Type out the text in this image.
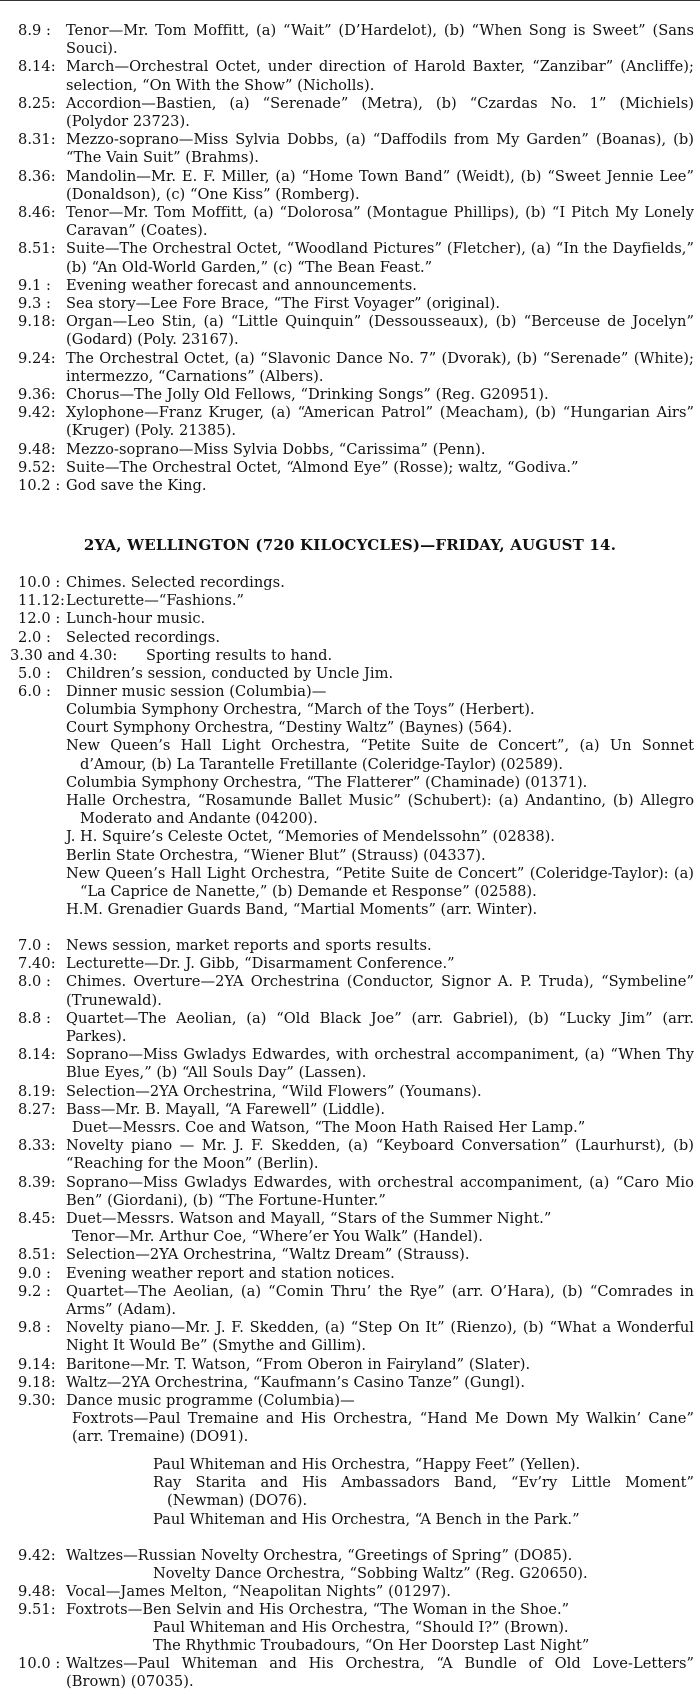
8.9 : Tenor—Mr. Tom Moffitt, (a) “Wait” (D’Hardelot), (b) “When Song is Sweet” (Sans Souci).

8.14: March—Orchestral Octet, under direction of Harold Baxter, “Zanzibar” (Ancliffe); selection, “On With the Show” (Nicholls).

8.25: Accordion—Bastien, (a) “Serenade” (Metra), (b) “Czardas No. 1” (Michiels) (Polydor 23723).

8.31: Mezzo-soprano—Miss Sylvia Dobbs, (a) “Daffodils from My Garden” (Boanas), (b) “The Vain Suit” (Brahms).

8.36: Mandolin—Mr. E. F. Miller, (a) “Home Town Band” (Weidt), (b) “Sweet Jennie Lee” (Donaldson), (c) “One Kiss” (Romberg).

8.46: Tenor—Mr. Tom Moffitt, (a) “Dolorosa” (Montague Phillips), (b) “I Pitch My Lonely Caravan” (Coates).

8.51: Suite—The Orchestral Octet, “Woodland Pictures” (Fletcher), (a) “In the Dayfields,” (b) “An Old-World Garden,” (c) “The Bean Feast.”

9.1 : Evening weather forecast and announcements.

9.3 : Sea story—Lee Fore Brace, “The First Voyager” (original).

9.18: Organ—Leo Stin, (a) “Little Quinquin” (Dessousseaux), (b) “Berceuse de Jocelyn” (Godard) (Poly. 23167).

9.24: The Orchestral Octet, (a) “Slavonic Dance No. 7” (Dvorak), (b) “Serenade” (White); intermezzo, “Carnations” (Albers).

9.36: Chorus—The Jolly Old Fellows, “Drinking Songs” (Reg. G20951).

9.42: Xylophone—Franz Kruger, (a) “American Patrol” (Meacham), (b) “Hungarian Airs” (Kruger) (Poly. 21385).

9.48: Mezzo-soprano—Miss Sylvia Dobbs, “Carissima” (Penn).

9.52: Suite—The Orchestral Octet, “Almond Eye” (Rosse); waltz, “Godiva.”

10.2 : God save the King.

2YA, WELLINGTON (720 KILOCYCLES)—FRIDAY, AUGUST 14.

10.0 : Chimes. Selected recordings.

11.12: Lecturette—“Fashions.”

12.0 : Lunch-hour music.

2.0 : Selected recordings.

3.30 and 4.30: Sporting results to hand.

5.0 : Children’s session, conducted by Uncle Jim.

6.0 : Dinner music session (Columbia)—

Columbia Symphony Orchestra, “March of the Toys” (Herbert).
Court Symphony Orchestra, “Destiny Waltz” (Baynes) (564).
New Queen’s Hall Light Orchestra, “Petite Suite de Concert”, (a) Un Sonnet d’Amour, (b) La Tarantelle Fretillante (Coleridge-Taylor) (02589).
Columbia Symphony Orchestra, “The Flatterer” (Chaminade) (01371).
Halle Orchestra, “Rosamunde Ballet Music” (Schubert): (a) Andantino, (b) Allegro Moderato and Andante (04200).
J. H. Squire’s Celeste Octet, “Memories of Mendelssohn” (02838).
Berlin State Orchestra, “Wiener Blut” (Strauss) (04337).
New Queen’s Hall Light Orchestra, “Petite Suite de Concert” (Coleridge-Taylor): (a) “La Caprice de Nanette,” (b) Demande et Response” (02588).
H.M. Grenadier Guards Band, “Martial Moments” (arr. Winter).

7.0 : News session, market reports and sports results.

7.40: Lecturette—Dr. J. Gibb, “Disarmament Conference.”

8.0 : Chimes. Overture—2YA Orchestrina (Conductor, Signor A. P. Truda), “Symbeline” (Trunewald).

8.8 : Quartet—The Aeolian, (a) “Old Black Joe” (arr. Gabriel), (b) “Lucky Jim” (arr. Parkes).

8.14: Soprano—Miss Gwladys Edwardes, with orchestral accompaniment, (a) “When Thy Blue Eyes,” (b) “All Souls Day” (Lassen).

8.19: Selection—2YA Orchestrina, “Wild Flowers” (Youmans).

8.27: Bass—Mr. B. Mayall, “A Farewell” (Liddle).

Duet—Messrs. Coe and Watson, “The Moon Hath Raised Her Lamp.”

8.33: Novelty piano — Mr. J. F. Skedden, (a) “Keyboard Conversation” (Laurhurst), (b) “Reaching for the Moon” (Berlin).

8.39: Soprano—Miss Gwladys Edwardes, with orchestral accompaniment, (a) “Caro Mio Ben” (Giordani), (b) “The Fortune-Hunter.”

8.45: Duet—Messrs. Watson and Mayall, “Stars of the Summer Night.”

Tenor—Mr. Arthur Coe, “Where’er You Walk” (Handel).

8.51: Selection—2YA Orchestrina, “Waltz Dream” (Strauss).

9.0 : Evening weather report and station notices.

9.2 : Quartet—The Aeolian, (a) “Comin Thru’ the Rye” (arr. O’Hara), (b) “Comrades in Arms” (Adam).

9.8 : Novelty piano—Mr. J. F. Skedden, (a) “Step On It” (Rienzo), (b) “What a Wonderful Night It Would Be” (Smythe and Gillim).

9.14: Baritone—Mr. T. Watson, “From Oberon in Fairyland” (Slater).

9.18: Waltz—2YA Orchestrina, “Kaufmann’s Casino Tanze” (Gungl).

9.30: Dance music programme (Columbia)—

Foxtrots—Paul Tremaine and His Orchestra, “Hand Me Down My Walkin’ Cane” (arr. Tremaine) (DO91).

Paul Whiteman and His Orchestra, “Happy Feet” (Yellen).
Ray Starita and His Ambassadors Band, “Ev’ry Little Moment” (Newman) (DO76).
Paul Whiteman and His Orchestra, “A Bench in the Park.”

9.42: Waltzes—Russian Novelty Orchestra, “Greetings of Spring” (DO85).

Novelty Dance Orchestra, “Sobbing Waltz” (Reg. G20650).

9.48: Vocal—James Melton, “Neapolitan Nights” (01297).

9.51: Foxtrots—Ben Selvin and His Orchestra, “The Woman in the Shoe.”

Paul Whiteman and His Orchestra, “Should I?” (Brown).
The Rhythmic Troubadours, “On Her Doorstep Last Night”

10.0 : Waltzes—Paul Whiteman and His Orchestra, “A Bundle of Old Love-Letters” (Brown) (07035).
